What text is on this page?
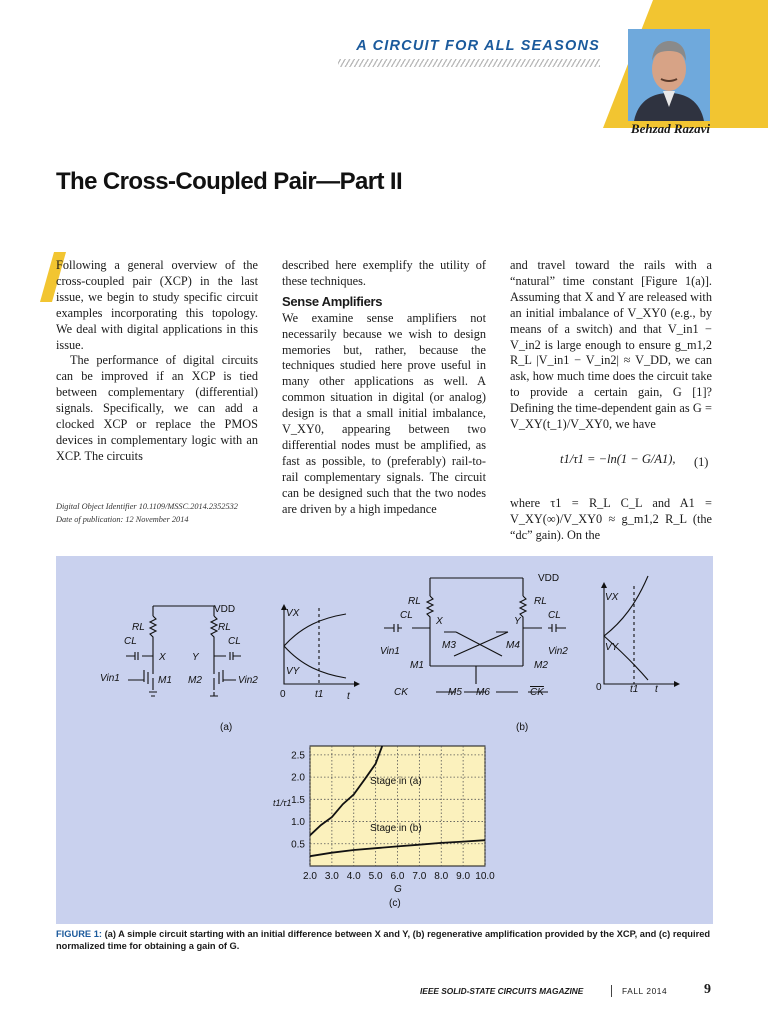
A CIRCUIT FOR ALL SEASONS
Behzad Razavi
The Cross-Coupled Pair—Part II

Following a general overview of the cross-coupled pair (XCP) in the last issue, we begin to study specific circuit examples incorporating this topology. We deal with digital applications in this issue.

The performance of digital circuits can be improved if an XCP is tied between complementary (differential) signals. Specifically, we can add a clocked XCP or replace the PMOS devices in complementary logic with an XCP. The circuits

Digital Object Identifier 10.1109/MSSC.2014.2352532
Date of publication: 12 November 2014

described here exemplify the utility of these techniques.

Sense Amplifiers

We examine sense amplifiers not necessarily because we wish to design memories but, rather, because the techniques studied here prove useful in many other applications as well. A common situation in digital (or analog) design is that a small initial imbalance, V_XY0, appearing between two differential nodes must be amplified, as fast as possible, to (preferably) rail-to-rail complementary signals. The circuit can be designed such that the two nodes are driven by a high impedance

and travel toward the rails with a “natural” time constant [Figure 1(a)]. Assuming that X and Y are released with an initial imbalance of V_XY0 (e.g., by means of a switch) and that V_in1 − V_in2 is large enough to ensure g_m1,2 R_L |V_in1 − V_in2| ≈ V_DD, we can ask, how much time does the circuit take to provide a certain gain, G [1]? Defining the time-dependent gain as G = V_XY(t_1)/V_XY0, we have

t1/τ1 = −ln(1 − G/A1), (1)

where τ1 = R_L C_L and A1 = V_XY(∞)/V_XY0 ≈ g_m1,2 R_L (the “dc” gain). On the

VDD
RL	RL
CL	CL
X	Y
Vin1	M1 M2	Vin2
VX
VY
0	t1 t
(a)
VDD
RL	RL
CL	CL
X	Y
M3	M4
Vin1	Vin2
M1	M2
CK	M5 M6	CK
VX
VY
0	t1 t
(b)
2.0 3.0 4.0 5.0 6.0 7.0 8.0 9.0 10.0
0.5
1.0
1.5
2.0
2.5
Stage in (a)
Stage in (b)
G
t1/τ1
(c)
FIGURE 1: (a) A simple circuit starting with an initial difference between X and Y, (b) regenerative amplification provided by the XCP, and (c) required normalized time for obtaining a gain of G.
IEEE SOLID-STATE CIRCUITS MAGAZINE	FALL 2014	9
